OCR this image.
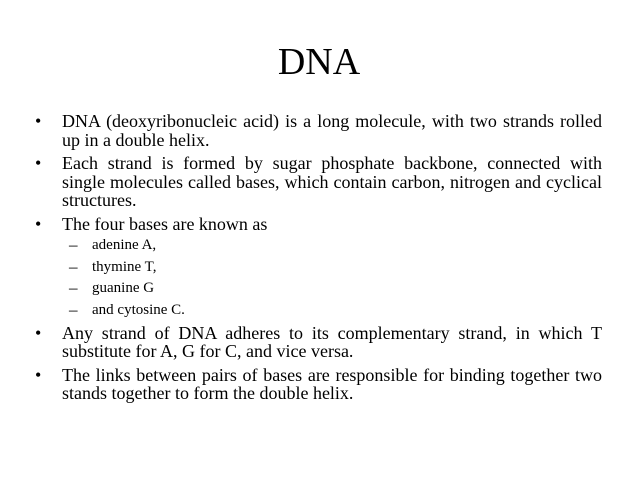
DNA
• DNA (deoxyribonucleic acid) is a long molecule, with two strands rolled up in a double helix.
• Each strand is formed by sugar phosphate backbone, connected with single molecules called bases, which contain carbon, nitrogen and cyclical structures.
• The four bases are known as
– adenine A,
– thymine T,
– guanine G
– and cytosine C.
• Any strand of DNA adheres to its complementary strand, in which T substitute for A, G for C, and vice versa.
• The links between pairs of bases are responsible for binding together two stands together to form the double helix.
